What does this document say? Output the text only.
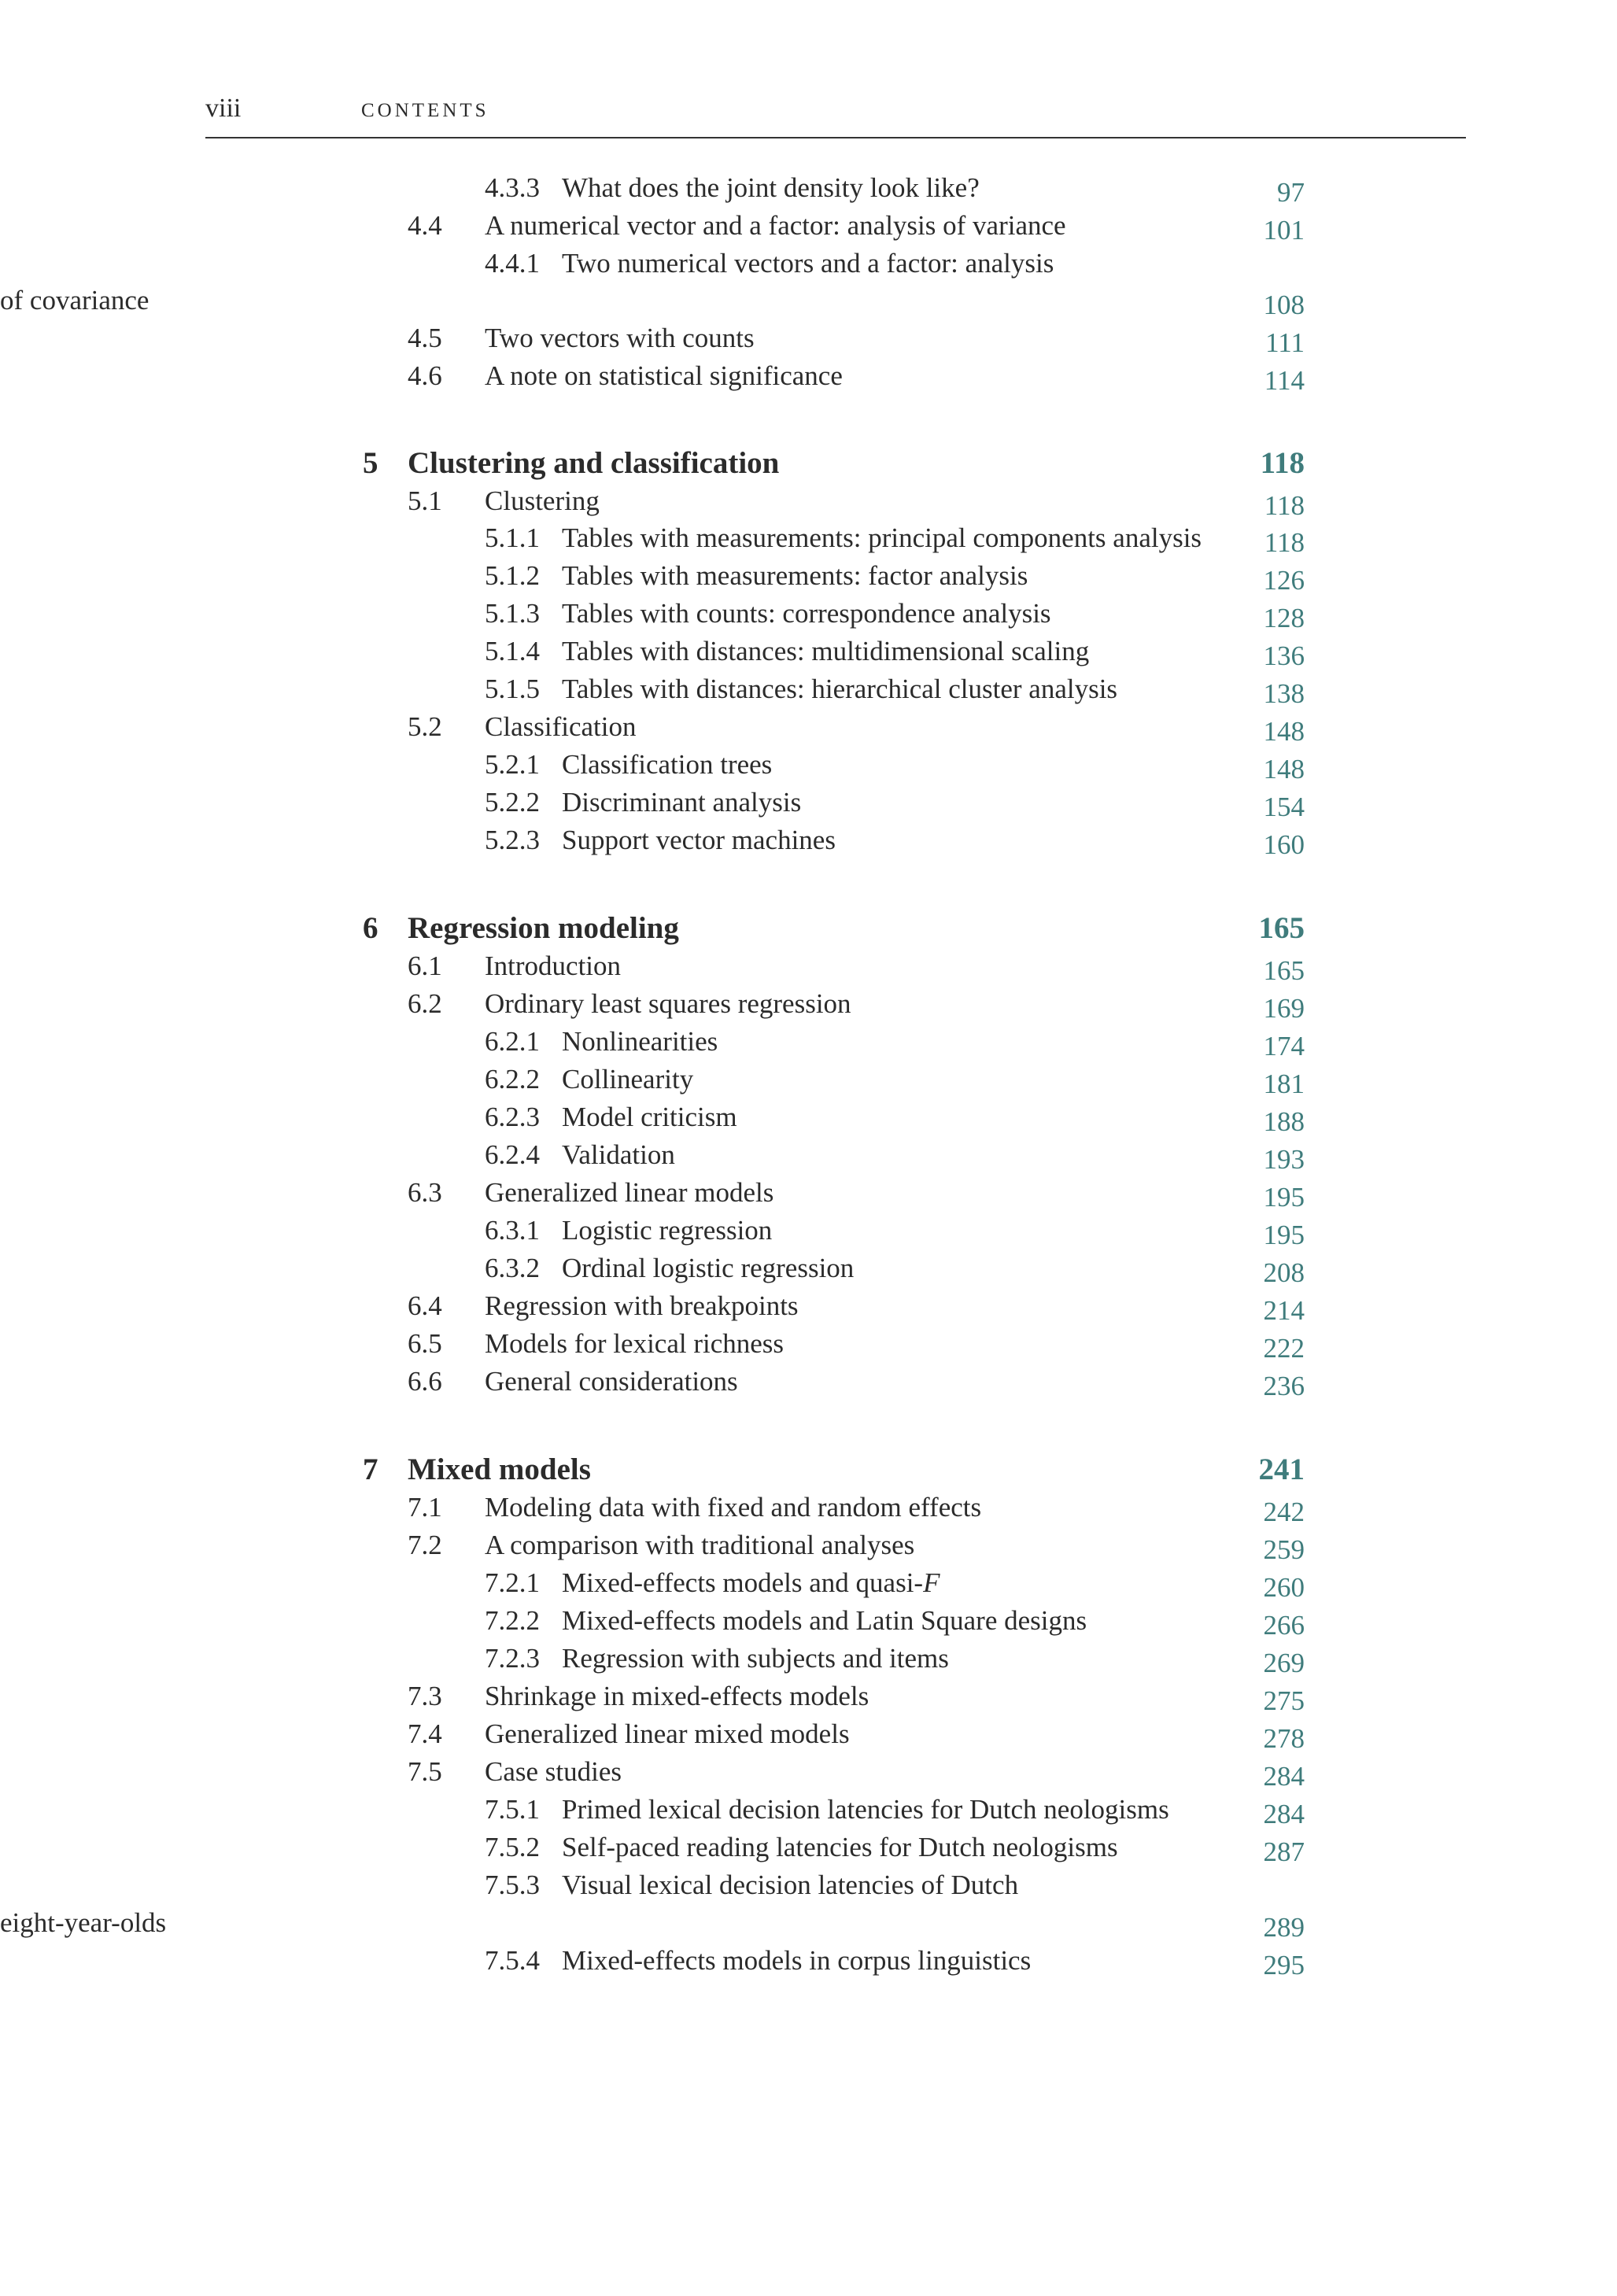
viii	CONTENTS
4.3.3 What does the joint density look like?	97
4.4 A numerical vector and a factor: analysis of variance	101
4.4.1 Two numerical vectors and a factor: analysis
of covariance	108
4.5 Two vectors with counts	111
4.6 A note on statistical significance	114
5 Clustering and classification	118
5.1 Clustering	118
5.1.1 Tables with measurements: principal components analysis 118
5.1.2 Tables with measurements: factor analysis	126
5.1.3 Tables with counts: correspondence analysis	128
5.1.4 Tables with distances: multidimensional scaling	136
5.1.5 Tables with distances: hierarchical cluster analysis	138
5.2 Classification	148
5.2.1 Classification trees	148
5.2.2 Discriminant analysis	154
5.2.3 Support vector machines	160
6 Regression modeling	165
6.1 Introduction	165
6.2 Ordinary least squares regression	169
6.2.1 Nonlinearities	174
6.2.2 Collinearity	181
6.2.3 Model criticism	188
6.2.4 Validation	193
6.3 Generalized linear models	195
6.3.1 Logistic regression	195
6.3.2 Ordinal logistic regression	208
6.4 Regression with breakpoints	214
6.5 Models for lexical richness	222
6.6 General considerations	236
7 Mixed models	241
7.1 Modeling data with fixed and random effects	242
7.2 A comparison with traditional analyses	259
7.2.1 Mixed-effects models and quasi-F	260
7.2.2 Mixed-effects models and Latin Square designs	266
7.2.3 Regression with subjects and items	269
7.3 Shrinkage in mixed-effects models	275
7.4 Generalized linear mixed models	278
7.5 Case studies	284
7.5.1 Primed lexical decision latencies for Dutch neologisms	284
7.5.2 Self-paced reading latencies for Dutch neologisms	287
7.5.3 Visual lexical decision latencies of Dutch
eight-year-olds	289
7.5.4 Mixed-effects models in corpus linguistics	295
